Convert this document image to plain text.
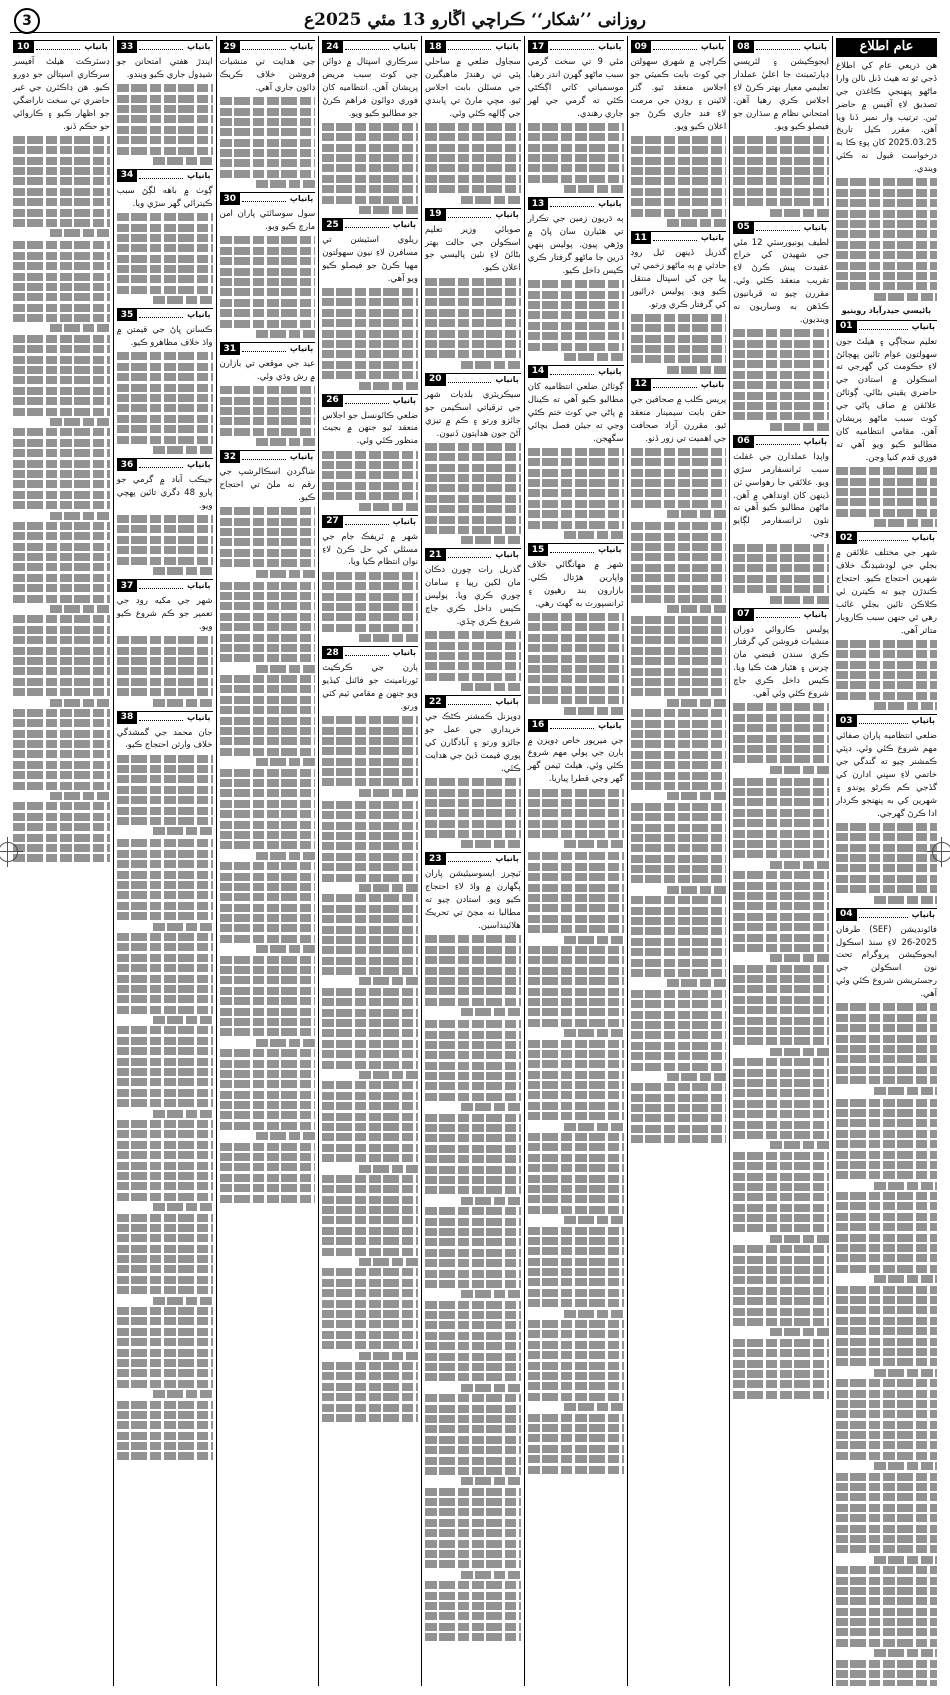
3	روزانی ’’شکار‘‘ ڪراچي اڱارو 13 مئي 2025ع
عام اطلاع
هن ذريعي عام کي اطلاع ڏجي ٿو ته هيٺ ڏنل نالن وارا ماڻهو پنهنجي ڪاغذن جي تصديق لاءِ آفيس ۾ حاضر ٿين. ترتيب وار نمبر ڏنا ويا آهن. مقرر ڪيل تاريخ 2025.03.25 کان پوءِ ڪا به درخواست قبول نه ڪئي ويندي.
ٻائيسي حيدرآباد روينيو
ٻانياپ
01
تعليم سجاڳي ۽ هيلٿ جون سهولتون عوام تائين پهچائڻ لاءِ حڪومت کي گهرجي ته اسڪولن ۾ استادن جي حاضري يقيني بڻائي. ڳوٺاڻن علائقن ۾ صاف پاڻي جي کوٽ سبب ماڻهو پريشان آهن. مقامي انتظاميه کان مطالبو ڪيو ويو آهي ته فوري قدم کنيا وڃن.
ٻانياپ
02
شهر جي مختلف علائقن ۾ بجلي جي لوڊشيڊنگ خلاف شهرين احتجاج ڪيو. احتجاج ڪندڙن چيو ته ڪيترن ئي ڪلاڪن تائين بجلي غائب رهي ٿي جنهن سبب ڪاروبار متاثر آهي.
ٻانياپ
03
ضلعي انتظاميه پاران صفائي مهم شروع ڪئي وئي. ڊپٽي ڪمشنر چيو ته گندگي جي خاتمي لاءِ سڀني ادارن کي گڏجي ڪم ڪرڻو پوندو ۽ شهرين کي به پنهنجو ڪردار ادا ڪرڻ گهرجي.
ٻانياپ
04
فائونڊيشن (SEF) طرفان 2025-26 لاءِ سنڌ اسڪول ايجوڪيشن پروگرام تحت نون اسڪولن جي رجسٽريشن شروع ڪئي وئي آهي.
ٻانياپ
08
ايجوڪيشن ۽ لٽريسي ڊپارٽمينٽ جا اعليٰ عملدار تعليمي معيار بهتر ڪرڻ لاءِ اجلاس ڪري رهيا آهن. امتحاني نظام ۾ سڌارن جو فيصلو ڪيو ويو.
ٻانياپ
05
لطيف يونيورسٽي 12 مئي جي شهيدن کي خراج عقيدت پيش ڪرڻ لاءِ تقريب منعقد ڪئي وئي. مقررن چيو ته قربانيون ڪڏهن به وساريون نه وينديون.
ٻانياپ
06
واپڊا عملدارن جي غفلت سبب ٽرانسفارمر سڙي ويو. علائقي جا رهواسي ٽن ڏينهن کان اونداهي ۾ آهن. ماڻهن مطالبو ڪيو آهي ته نئون ٽرانسفارمر لڳايو وڃي.
ٻانياپ
07
پوليس ڪاروائي دوران منشيات فروشن کي گرفتار ڪري سندن قبضي مان چرس ۽ هٿيار هٿ ڪيا ويا. ڪيس داخل ڪري جاچ شروع ڪئي وئي آهي.
ٻانياپ
09
ڪراچي ۾ شهري سهولتن جي کوٽ بابت ڪميٽي جو اجلاس منعقد ٿيو. گٽر لائينن ۽ روڊن جي مرمت لاءِ فنڊ جاري ڪرڻ جو اعلان ڪيو ويو.
ٻانياپ
11
گذريل ڏينهن ٿيل روڊ حادثي ۾ ٻه ماڻهو زخمي ٿي پيا جن کي اسپتال منتقل ڪيو ويو. پوليس ڊرائيور کي گرفتار ڪري ورتو.
ٻانياپ
12
پريس ڪلب ۾ صحافين جي حقن بابت سيمينار منعقد ٿيو. مقررن آزاد صحافت جي اهميت تي زور ڏنو.
ٻانياپ
17
مئي 9 تي سخت گرمي سبب ماڻهو گهرن اندر رهيا. موسمياتي کاتي اڳڪٿي ڪئي ته گرمي جي لهر جاري رهندي.
ٻانياپ
13
ٻه ڌريون زمين جي تڪرار تي هٿيارن سان پاڻ ۾ وڙهي پيون. پوليس ٻنهي ڌرين جا ماڻهو گرفتار ڪري ڪيس داخل ڪيو.
ٻانياپ
14
ڳوٺاڻن ضلعي انتظاميه کان مطالبو ڪيو آهي ته ڪينال ۾ پاڻي جي کوٽ ختم ڪئي وڃي ته جيئن فصل بچائي سگهجن.
ٻانياپ
15
شهر ۾ مهانگائي خلاف واپارين هڙتال ڪئي. بازارون بند رهيون ۽ ٽرانسپورٽ به گهٽ رهي.
ٻانياپ
16
جي ميرپور خاص ڊويزن ۾ ٻارن جي پولي مهم شروع ڪئي وئي. هيلٿ ٽيمن گهر گهر وڃي قطرا پياريا.
ٻانياپ
18
سجاول ضلعي ۾ ساحلي پٽي تي رهندڙ ماهيگيرن جي مسئلن بابت اجلاس ٿيو. مڇي مارڻ تي پابندي جي ڳالهه ڪئي وئي.
ٻانياپ
19
صوبائي وزير تعليم اسڪولن جي حالت بهتر بڻائڻ لاءِ نئين پاليسي جو اعلان ڪيو.
ٻانياپ
20
سيڪريٽري بلديات شهر جي ترقياتي اسڪيمن جو جائزو ورتو ۽ ڪم ۾ تيزي آڻڻ جون هدايتون ڏنيون.
ٻانياپ
21
گذريل رات چورن دڪان مان لکين رپيا ۽ سامان چوري ڪري ويا. پوليس ڪيس داخل ڪري جاچ شروع ڪري ڇڏي.
ٻانياپ
22
ڊويزنل ڪمشنر ڪڻڪ جي خريداري جي عمل جو جائزو ورتو ۽ آبادگارن کي پوري قيمت ڏيڻ جي هدايت ڪئي.
ٻانياپ
23
ٽيچرز ايسوسيئيشن پاران پگهارن ۾ واڌ لاءِ احتجاج ڪيو ويو. استادن چيو ته مطالبا نه مڃڻ تي تحريڪ هلائينداسين.
ٻانياپ
24
سرڪاري اسپتال ۾ دوائن جي کوٽ سبب مريض پريشان آهن. انتظاميه کان فوري دوائون فراهم ڪرڻ جو مطالبو ڪيو ويو.
ٻانياپ
25
ريلوي اسٽيشن تي مسافرن لاءِ نيون سهولتون مهيا ڪرڻ جو فيصلو ڪيو ويو آهي.
ٻانياپ
26
ضلعي ڪائونسل جو اجلاس منعقد ٿيو جنهن ۾ بجيٽ منظور ڪئي وئي.
ٻانياپ
27
شهر ۾ ٽريفڪ جام جي مسئلي کي حل ڪرڻ لاءِ نوان انتظام ڪيا ويا.
ٻانياپ
28
ٻارن جي ڪرڪيٽ ٽورنامينٽ جو فائنل کيڏيو ويو جنهن ۾ مقامي ٽيم کٽي ورتو.
ٻانياپ
29
جي هدايت تي منشيات فروشن خلاف ڪريڪ ڊائون جاري آهي.
ٻانياپ
30
سول سوسائٽي پاران امن مارچ ڪيو ويو.
ٻانياپ
31
عيد جي موقعي تي بازارن ۾ رش وڌي وئي.
ٻانياپ
32
شاگردن اسڪالرشپ جي رقم نه ملڻ تي احتجاج ڪيو.
ٻانياپ
33
ايندڙ هفتي امتحانن جو شيڊول جاري ڪيو ويندو.
ٻانياپ
34
ڳوٺ ۾ باهه لڳڻ سبب ڪيترائي گهر سڙي ويا.
ٻانياپ
35
ڪسانن ڀاڻ جي قيمتن ۾ واڌ خلاف مظاهرو ڪيو.
ٻانياپ
36
جيڪب آباد ۾ گرمي جو پارو 48 ڊگري تائين پهچي ويو.
ٻانياپ
37
شهر جي مکيه روڊ جي تعمير جو ڪم شروع ڪيو ويو.
ٻانياپ
38
جان محمد جي گمشدگي خلاف وارثن احتجاج ڪيو.
ٻانياپ
10
ڊسٽرڪٽ هيلٿ آفيسر سرڪاري اسپتالن جو دورو ڪيو. هن ڊاڪٽرن جي غير حاضري تي سخت ناراضگي جو اظهار ڪيو ۽ ڪاروائي جو حڪم ڏنو.
